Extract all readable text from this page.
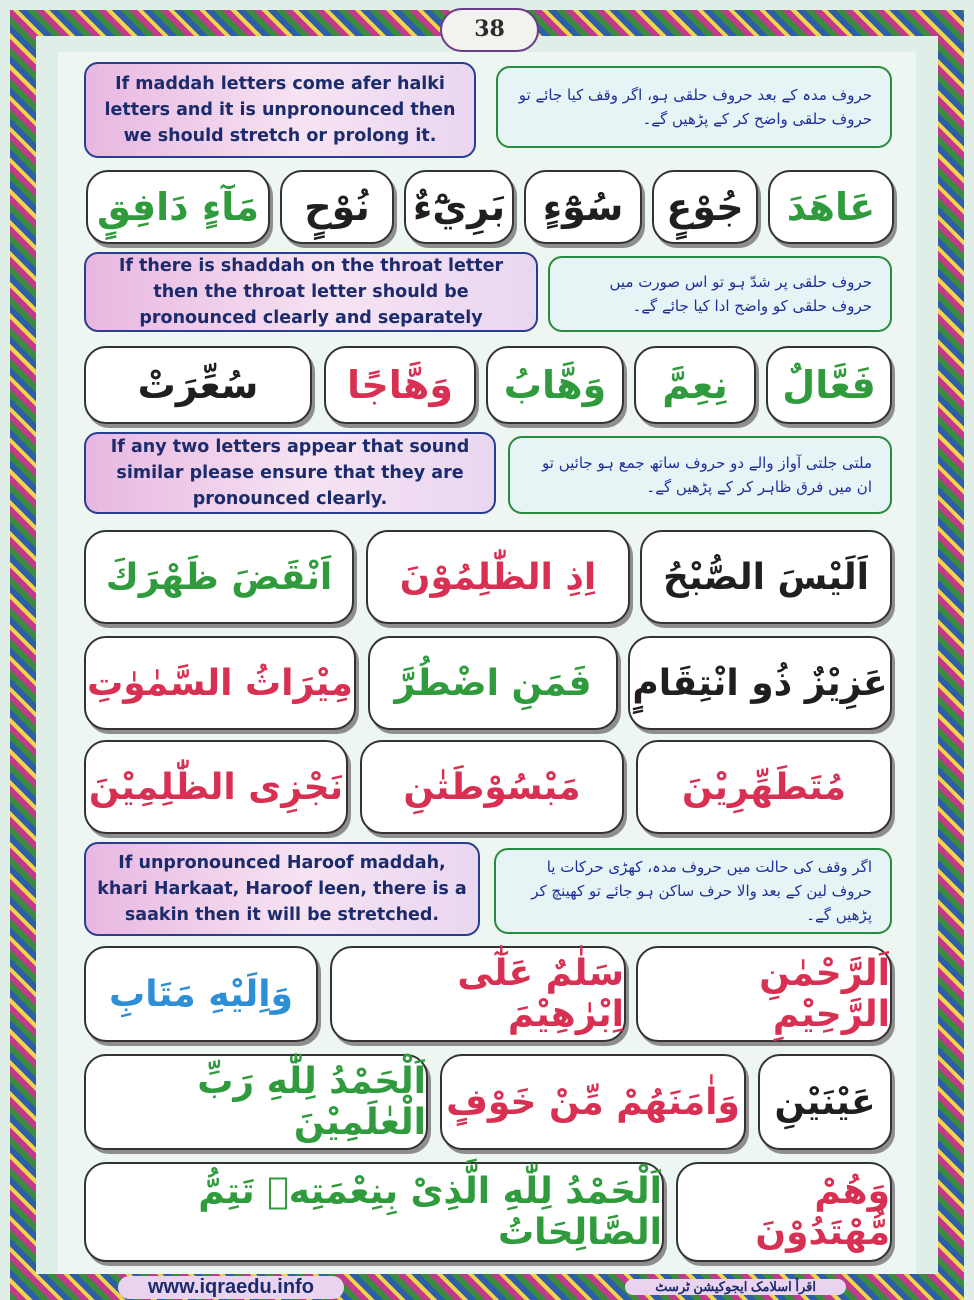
38
If maddah letters come afer halki letters and it is unpronounced then we should stretch or prolong it.
حروف مدہ کے بعد حروف حلقی ہو، اگر وقف کیا جائے تو حروف حلقی واضح کر کے پڑھیں گے۔
عَاهَدَ
جُوْعٍ
سُوْٓءٍ
بَرِيْٓءٌ
نُوْحٍ
مَآءٍ دَافِقٍ
If there is shaddah on the throat letter then the throat letter should be pronounced clearly and separately
حروف حلقی پر شدّ ہو تو اس صورت میں حروف حلقی کو واضح ادا کیا جائے گے۔
فَعَّالٌ
نِعِمَّ
وَهَّابُ
وَهَّاجًا
سُعِّرَتْ
If any two letters appear that sound similar please ensure that they are pronounced clearly.
ملتی جلتی آواز والے دو حروف ساتھ جمع ہو جائیں تو ان میں فرق ظاہر کر کے پڑھیں گے۔
اَلَيْسَ الصُّبْحُ
اِذِ الظّٰلِمُوْنَ
اَنْقَضَ ظَهْرَكَ
عَزِيْزٌ ذُو انْتِقَامٍ
فَمَنِ اضْطُرَّ
مِيْرَاثُ السَّمٰوٰتِ
مُتَطَهِّرِيْنَ
مَبْسُوْطَتٰنِ
نَجْزِى الظّٰلِمِيْنَ
If unpronounced Haroof maddah, khari Harkaat, Haroof leen, there is a saakin then it will be stretched.
اگر وقف کی حالت میں حروف مدہ، کھڑی حرکات یا حروف لین کے بعد والا حرف ساکن ہو جائے تو کھینچ کر پڑھیں گے۔
اَلرَّحْمٰنِ الرَّحِيْمِ
سَلٰمٌ عَلٰٓى اِبْرٰهِيْمَ
وَاِلَيْهِ مَتَابِ
عَيْنَيْنِ
وَاٰمَنَهُمْ مِّنْ خَوْفٍ
اَلْحَمْدُ لِلّٰهِ رَبِّ الْعٰلَمِيْنَ
وَهُمْ مُّهْتَدُوْنَ
اَلْحَمْدُ لِلّٰهِ الَّذِىْ بِنِعْمَتِهٖ تَتِمُّ الصَّالِحَاتُ
www.iqraedu.info	اقرأ اسلامک ایجوکیشن ٹرسٹ
